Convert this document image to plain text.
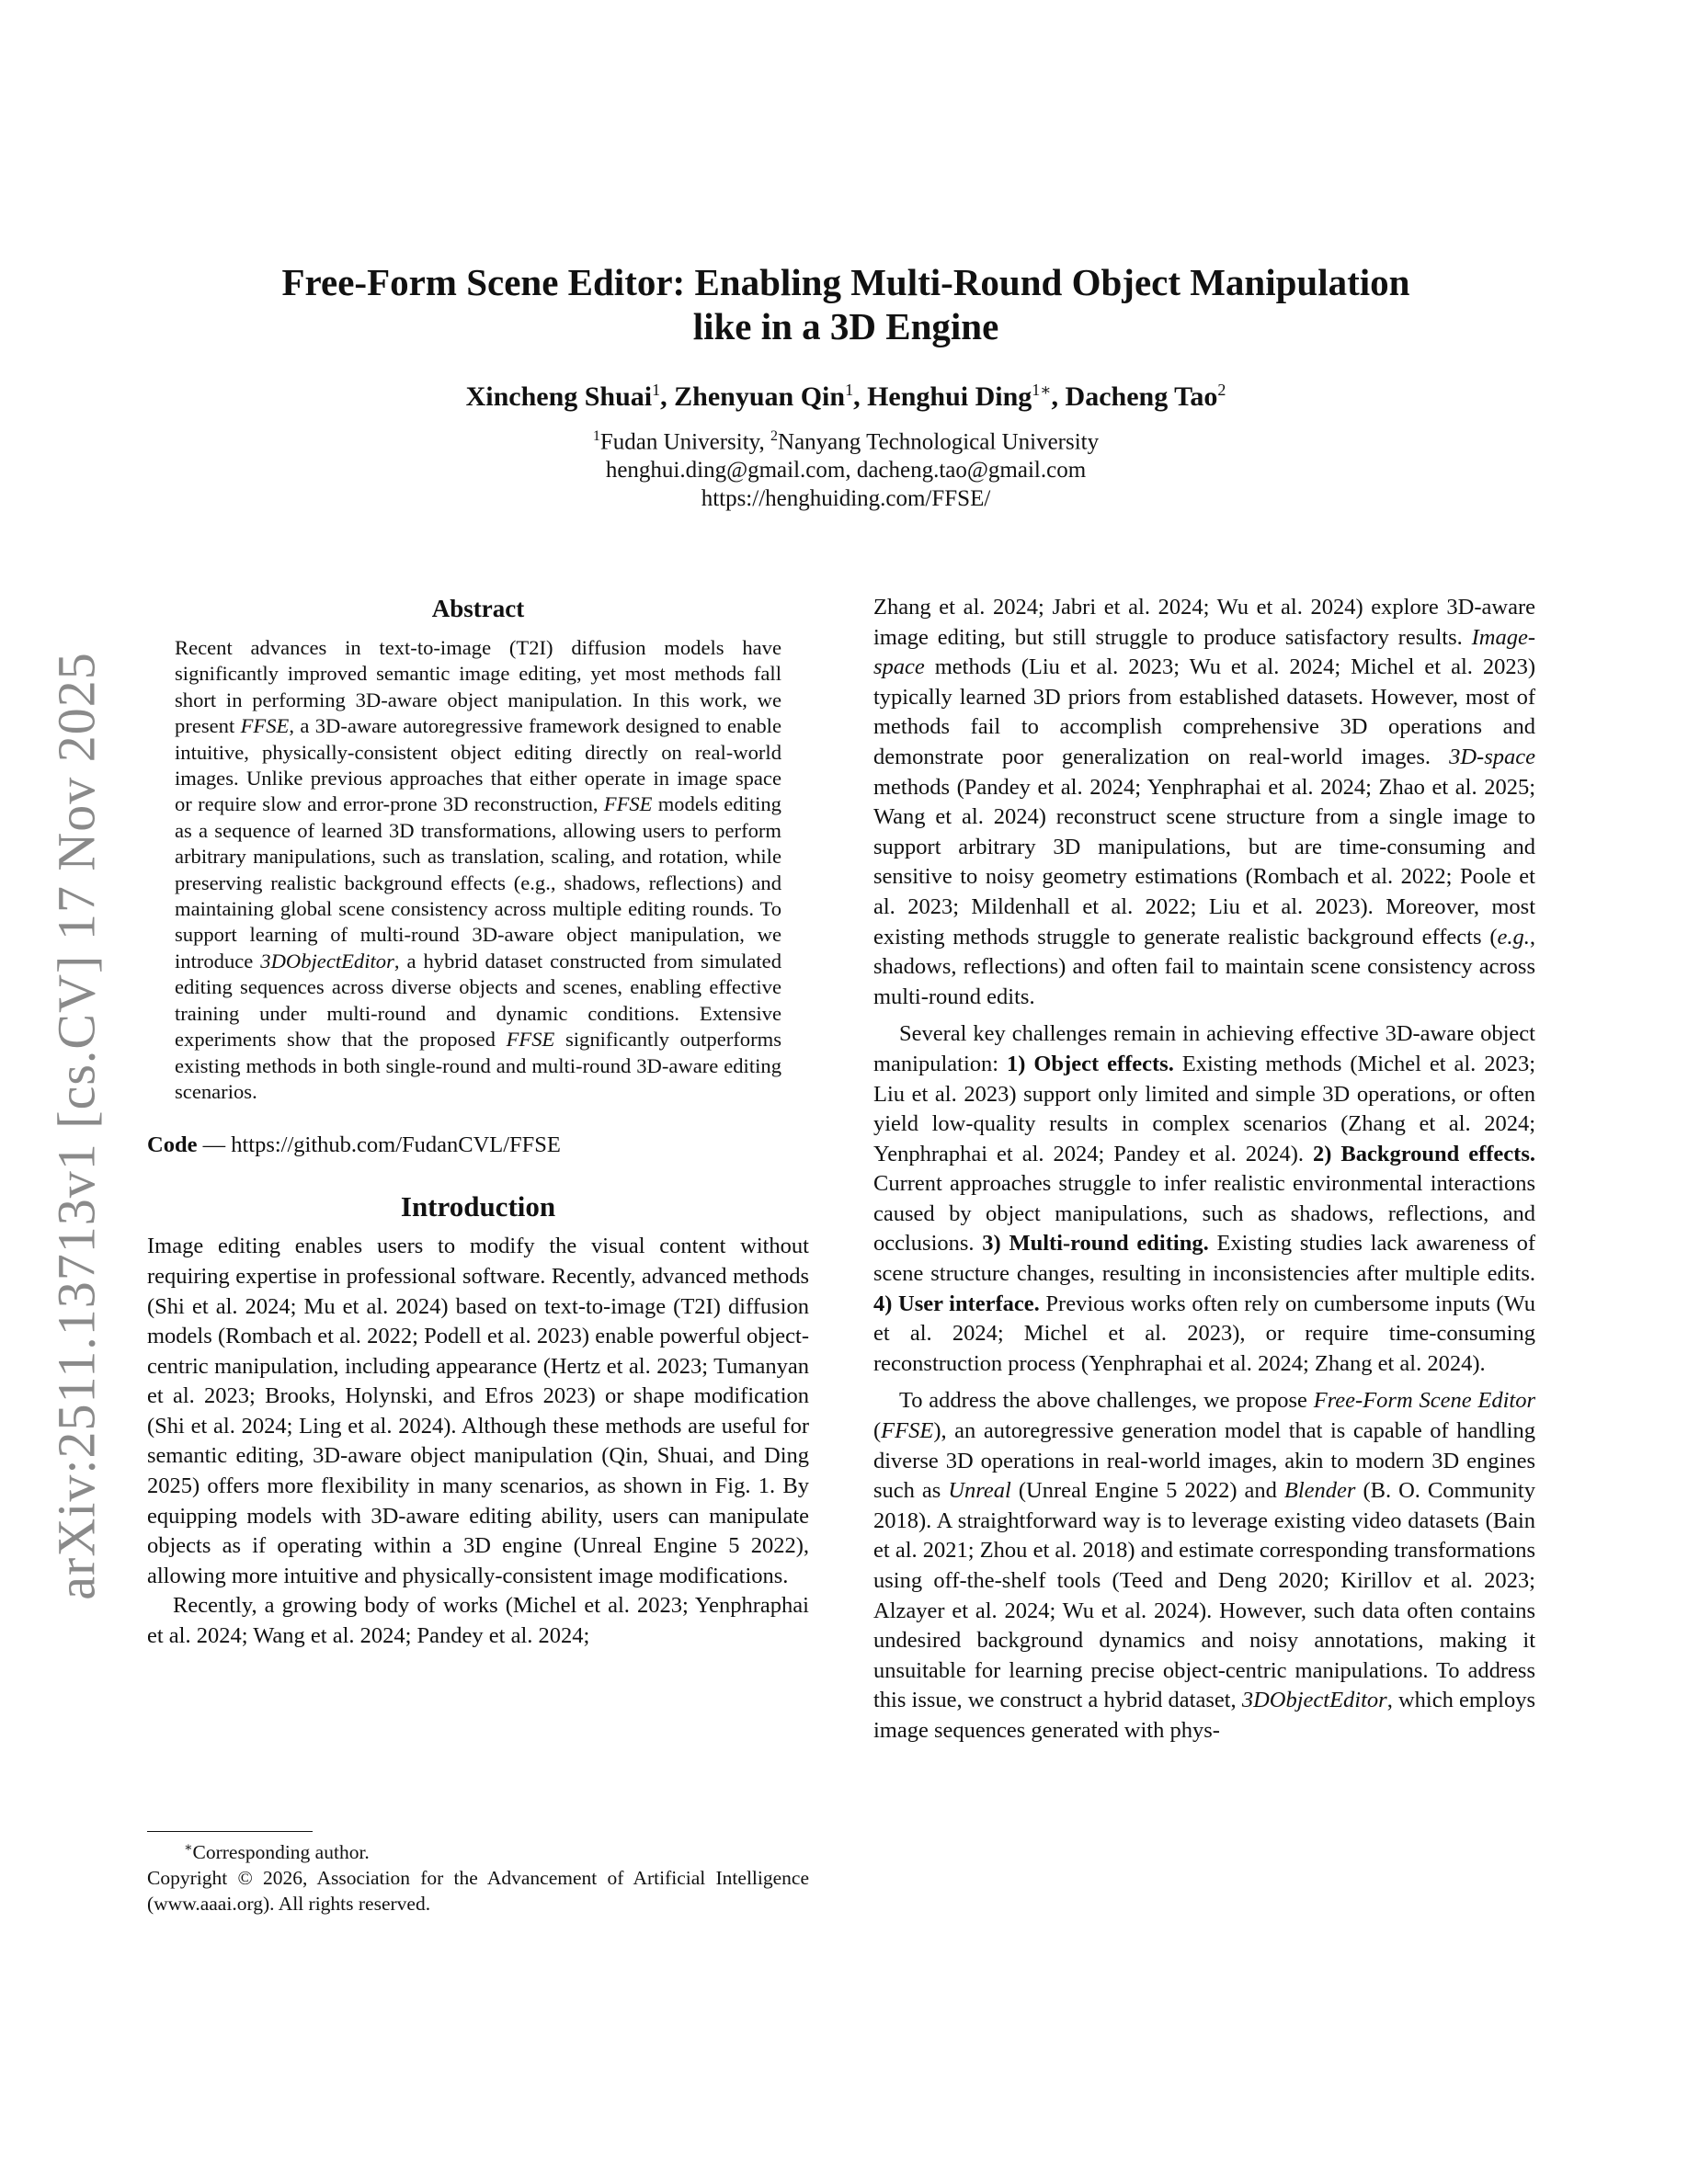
arXiv:2511.13713v1 [cs.CV] 17 Nov 2025
Free-Form Scene Editor: Enabling Multi-Round Object Manipulation
like in a 3D Engine
Xincheng Shuai$^1$, Zhenyuan Qin$^1$, Henghui Ding$^{1∗}$, Dacheng Tao$^2$
$^1$Fudan University, $^2$Nanyang Technological University
henghui.ding@gmail.com, dacheng.tao@gmail.com
https://henghuiding.com/FFSE/
Abstract
Recent advances in text-to-image (T2I) diffusion models have significantly improved semantic image editing, yet most methods fall short in performing 3D-aware object manipulation. In this work, we present FFSE, a 3D-aware autoregressive framework designed to enable intuitive, physically-consistent object editing directly on real-world images. Unlike previous approaches that either operate in image space or require slow and error-prone 3D reconstruction, FFSE models editing as a sequence of learned 3D transformations, allowing users to perform arbitrary manipulations, such as translation, scaling, and rotation, while preserving realistic background effects (e.g., shadows, reflections) and maintaining global scene consistency across multiple editing rounds. To support learning of multi-round 3D-aware object manipulation, we introduce 3DObjectEditor, a hybrid dataset constructed from simulated editing sequences across diverse objects and scenes, enabling effective training under multi-round and dynamic conditions. Extensive experiments show that the proposed FFSE significantly outperforms existing methods in both single-round and multi-round 3D-aware editing scenarios.
Code — https://github.com/FudanCVL/FFSE
Introduction

Image editing enables users to modify the visual content without requiring expertise in professional software. Recently, advanced methods (Shi et al. 2024; Mu et al. 2024) based on text-to-image (T2I) diffusion models (Rombach et al. 2022; Podell et al. 2023) enable powerful object-centric manipulation, including appearance (Hertz et al. 2023; Tumanyan et al. 2023; Brooks, Holynski, and Efros 2023) or shape modification (Shi et al. 2024; Ling et al. 2024). Although these methods are useful for semantic editing, 3D-aware object manipulation (Qin, Shuai, and Ding 2025) offers more flexibility in many scenarios, as shown in Fig. 1. By equipping models with 3D-aware editing ability, users can manipulate objects as if operating within a 3D engine (Unreal Engine 5 2022), allowing more intuitive and physically-consistent image modifications.

Recently, a growing body of works (Michel et al. 2023; Yenphraphai et al. 2024; Wang et al. 2024; Pandey et al. 2024;

∗Corresponding author.
Copyright © 2026, Association for the Advancement of Artificial Intelligence (www.aaai.org). All rights reserved.

Zhang et al. 2024; Jabri et al. 2024; Wu et al. 2024) explore 3D-aware image editing, but still struggle to produce satisfactory results. Image-space methods (Liu et al. 2023; Wu et al. 2024; Michel et al. 2023) typically learned 3D priors from established datasets. However, most of methods fail to accomplish comprehensive 3D operations and demonstrate poor generalization on real-world images. 3D-space methods (Pandey et al. 2024; Yenphraphai et al. 2024; Zhao et al. 2025; Wang et al. 2024) reconstruct scene structure from a single image to support arbitrary 3D manipulations, but are time-consuming and sensitive to noisy geometry estimations (Rombach et al. 2022; Poole et al. 2023; Mildenhall et al. 2022; Liu et al. 2023). Moreover, most existing methods struggle to generate realistic background effects (e.g., shadows, reflections) and often fail to maintain scene consistency across multi-round edits.

Several key challenges remain in achieving effective 3D-aware object manipulation: 1) Object effects. Existing methods (Michel et al. 2023; Liu et al. 2023) support only limited and simple 3D operations, or often yield low-quality results in complex scenarios (Zhang et al. 2024; Yenphraphai et al. 2024; Pandey et al. 2024). 2) Background effects. Current approaches struggle to infer realistic environmental interactions caused by object manipulations, such as shadows, reflections, and occlusions. 3) Multi-round editing. Existing studies lack awareness of scene structure changes, resulting in inconsistencies after multiple edits. 4) User interface. Previous works often rely on cumbersome inputs (Wu et al. 2024; Michel et al. 2023), or require time-consuming reconstruction process (Yenphraphai et al. 2024; Zhang et al. 2024).

To address the above challenges, we propose Free-Form Scene Editor (FFSE), an autoregressive generation model that is capable of handling diverse 3D operations in real-world images, akin to modern 3D engines such as Unreal (Unreal Engine 5 2022) and Blender (B. O. Community 2018). A straightforward way is to leverage existing video datasets (Bain et al. 2021; Zhou et al. 2018) and estimate corresponding transformations using off-the-shelf tools (Teed and Deng 2020; Kirillov et al. 2023; Alzayer et al. 2024; Wu et al. 2024). However, such data often contains undesired background dynamics and noisy annotations, making it unsuitable for learning precise object-centric manipulations. To address this issue, we construct a hybrid dataset, 3DObjectEditor, which employs image sequences generated with phys-
